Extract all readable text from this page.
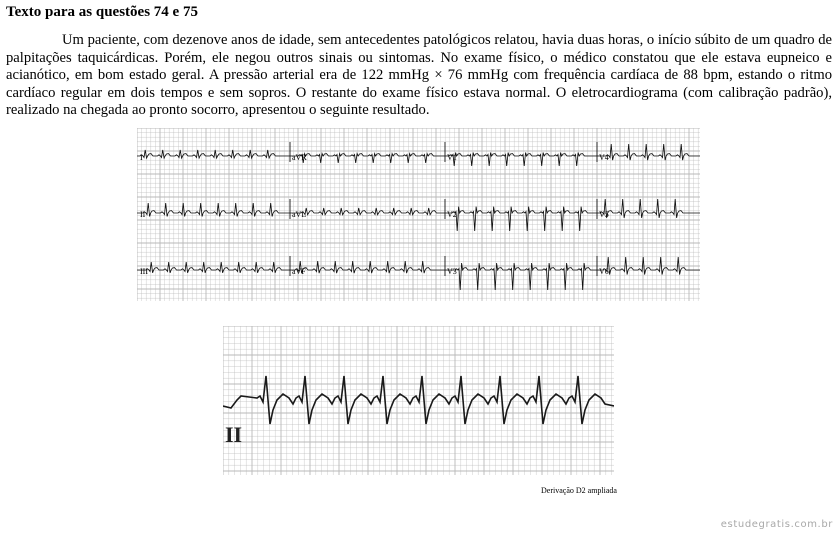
Texto para as questões 74 e 75
Um paciente, com dezenove anos de idade, sem antecedentes patológicos relatou, havia duas horas, o início súbito de um quadro de palpitações taquicárdicas. Porém, ele negou outros sinais ou sintomas. No exame físico, o médico constatou que ele estava eupneico e acianótico, em bom estado geral. A pressão arterial era de 122 mmHg × 76 mmHg com frequência cardíaca de 88 bpm, estando o ritmo cardíaco regular em dois tempos e sem sopros. O restante do exame físico estava normal. O eletrocardiograma (com calibração padrão), realizado na chegada ao pronto socorro, apresentou o seguinte resultado.
I	aVR	V1	V4
II	aVL	V2	V5
III	aVF	V3	V6
II
Derivação D2 ampliada
estudegratis.com.br
